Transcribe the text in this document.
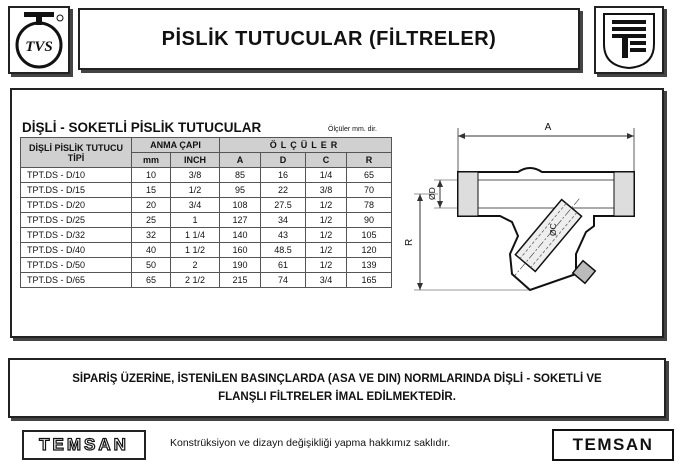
TVS	PİSLİK TUTUCULAR (FİLTRELER)
DİŞLİ - SOKETLİ PİSLİK TUTUCULAR	Ölçüler mm. dir.
DİŞLİ PİSLİK TUTUCU TİPİ	ANMA ÇAPI		ÖLÇÜLER			
	mm	INCH	A	D	C	R
TPT.DS - D/10	10	3/8	85	16	1/4	65
TPT.DS - D/15	15	1/2	95	22	3/8	70
TPT.DS - D/20	20	3/4	108	27.5	1/2	78
TPT.DS - D/25	25	1	127	34	1/2	90
TPT.DS - D/32	32	1 1/4	140	43	1/2	105
TPT.DS - D/40	40	1 1/2	160	48.5	1/2	120
TPT.DS - D/50	50	2	190	61	1/2	139
TPT.DS - D/65	65	2 1/2	215	74	3/4	165
A
ØD
R
ØC
SİPARİŞ ÜZERİNE, İSTENİLEN BASINÇLARDA (ASA VE DIN) NORMLARINDA DİŞLİ - SOKETLİ VE
FLANŞLI FİLTRELER İMAL EDİLMEKTEDİR.
TEMSAN	Konstrüksiyon ve dizayn değişikliği yapma hakkımız saklıdır.	TEMSAN
